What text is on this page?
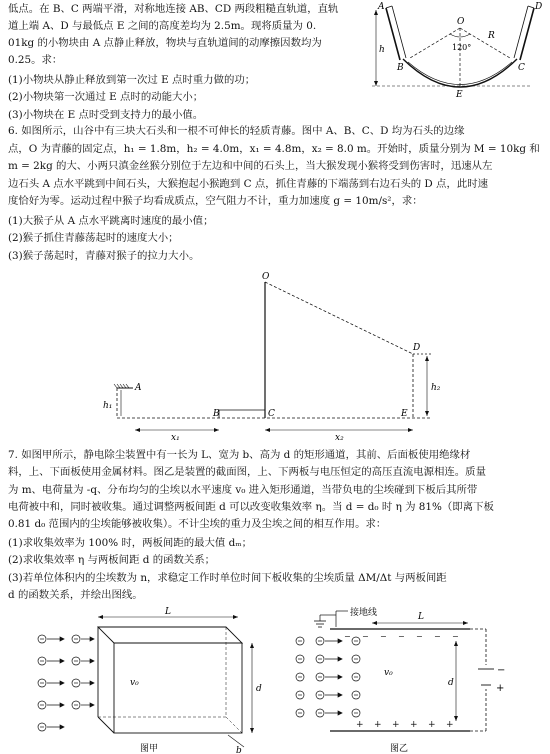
低点。在 B、C 两端平滑，对称地连接 AB、CD 两段粗糙直轨道，直轨
道上端 A、D 与最低点 E 之间的高度差均为 2.5m。现将质量为 0.
01kg 的小物块由 A 点静止释放，物块与直轨道间的动摩擦因数均为
0.25。求：
(1)小物块从静止释放到第一次过 E 点时重力做的功；
(2)小物块第一次通过 E 点时的动能大小；
(3)小物块在 E 点时受到支持力的最小值。
A	D
O
R
h	120°
B	C
E
6. 如图所示，山谷中有三块大石头和一根不可伸长的轻质青藤。图中 A、B、C、D 均为石头的边缘
点，O 为青藤的固定点，h₁ = 1.8m，h₂ = 4.0m，x₁ = 4.8m，x₂ = 8.0 m。开始时，质量分别为 M = 10kg 和
m = 2kg 的大、小两只滇金丝猴分别位于左边和中间的石头上，当大猴发现小猴将受到伤害时，迅速从左
边石头 A 点水平跳到中间石头，大猴抱起小猴跑到 C 点，抓住青藤的下端荡到右边石头的 D 点，此时速
度恰好为零。运动过程中猴子均看成质点，空气阻力不计，重力加速度 g = 10m/s²，求：
(1)大猴子从 A 点水平跳离时速度的最小值；
(2)猴子抓住青藤荡起时的速度大小；
(3)猴子荡起时，青藤对猴子的拉力大小。
O
D
A
h₁
h₂
B	C	E
x₁	x₂
7. 如图甲所示，静电除尘装置中有一长为 L、宽为 b、高为 d 的矩形通道，其前、后面板使用绝缘材
料，上、下面板使用金属材料。图乙是装置的截面图，上、下两板与电压恒定的高压直流电源相连。质量
为 m、电荷量为 -q、分布均匀的尘埃以水平速度 v₀ 进入矩形通道，当带负电的尘埃碰到下板后其所带
电荷被中和，同时被收集。通过调整两板间距 d 可以改变收集效率 η。当 d = d₀ 时 η 为 81%（即离下板
0.81 d₀ 范围内的尘埃能够被收集）。不计尘埃的重力及尘埃之间的相互作用。求：
(1)求收集效率为 100% 时，两板间距的最大值 dₘ；
(2)求收集效率 η 与两板间距 d 的函数关系；
(3)若单位体积内的尘埃数为 n，求稳定工作时单位时间下板收集的尘埃质量 ΔM/Δt 与两板间距
d 的函数关系，并绘出图线。
L
d
b
v₀
图甲
接地线	L
− − − − − − −
+ + + + + +
−
+
d
v₀
图乙
